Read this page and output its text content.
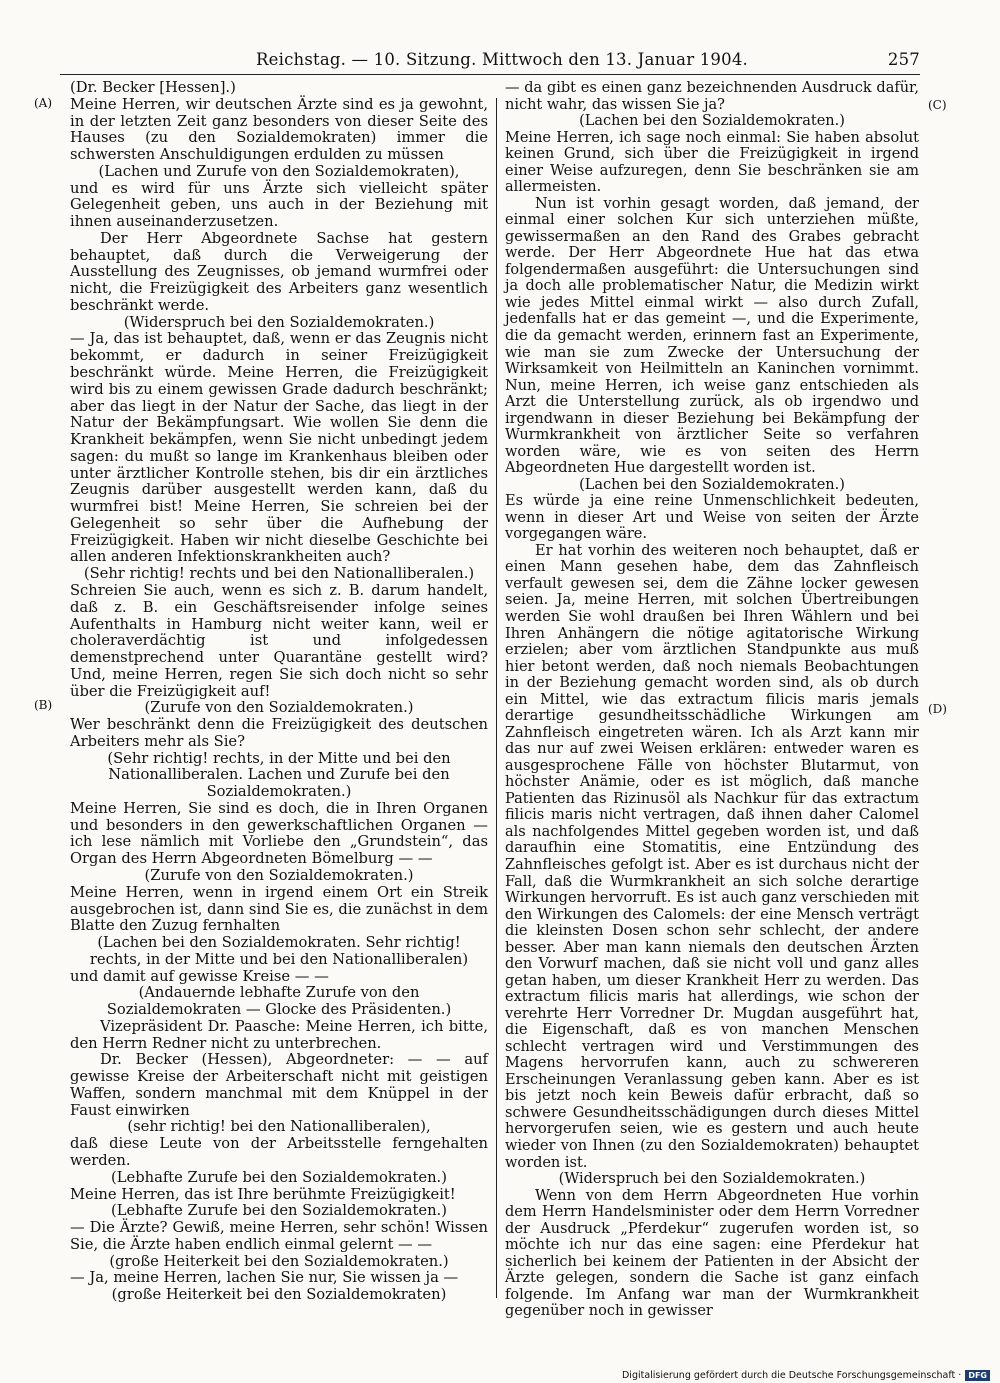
Reichstag. — 10. Sitzung. Mittwoch den 13. Januar 1904.	257
(A)
(B)
(C)
(D)

(Dr. Becker [Hessen].)

Meine Herren, wir deutschen Ärzte sind es ja gewohnt, in der letzten Zeit ganz besonders von dieser Seite des Hauses (zu den Sozialdemokraten) immer die schwersten Anschuldigungen erdulden zu müssen

(Lachen und Zurufe von den Sozialdemokraten),

und es wird für uns Ärzte sich vielleicht später Gelegenheit geben, uns auch in der Beziehung mit ihnen auseinanderzusetzen.

Der Herr Abgeordnete Sachse hat gestern behauptet, daß durch die Verweigerung der Ausstellung des Zeugnisses, ob jemand wurmfrei oder nicht, die Freizügigkeit des Arbeiters ganz wesentlich beschränkt werde.

(Widerspruch bei den Sozialdemokraten.)

— Ja, das ist behauptet, daß, wenn er das Zeugnis nicht bekommt, er dadurch in seiner Freizügigkeit beschränkt würde. Meine Herren, die Freizügigkeit wird bis zu einem gewissen Grade dadurch beschränkt; aber das liegt in der Natur der Sache, das liegt in der Natur der Bekämpfungsart. Wie wollen Sie denn die Krankheit bekämpfen, wenn Sie nicht unbedingt jedem sagen: du mußt so lange im Krankenhaus bleiben oder unter ärztlicher Kontrolle stehen, bis dir ein ärztliches Zeugnis darüber ausgestellt werden kann, daß du wurmfrei bist! Meine Herren, Sie schreien bei der Gelegenheit so sehr über die Aufhebung der Freizügigkeit. Haben wir nicht dieselbe Geschichte bei allen anderen Infektionskrankheiten auch?

(Sehr richtig! rechts und bei den Nationalliberalen.)

Schreien Sie auch, wenn es sich z. B. darum handelt, daß z. B. ein Geschäftsreisender infolge seines Aufenthalts in Hamburg nicht weiter kann, weil er choleraverdächtig ist und infolgedessen demenstprechend unter Quarantäne gestellt wird? Und, meine Herren, regen Sie sich doch nicht so sehr über die Freizügigkeit auf!

(Zurufe von den Sozialdemokraten.)

Wer beschränkt denn die Freizügigkeit des deutschen Arbeiters mehr als Sie?

(Sehr richtig! rechts, in der Mitte und bei den Nationalliberalen. Lachen und Zurufe bei den Sozialdemokraten.)

Meine Herren, Sie sind es doch, die in Ihren Organen und besonders in den gewerkschaftlichen Organen — ich lese nämlich mit Vorliebe den „Grundstein“, das Organ des Herrn Abgeordneten Bömelburg — —

(Zurufe von den Sozialdemokraten.)

Meine Herren, wenn in irgend einem Ort ein Streik ausgebrochen ist, dann sind Sie es, die zunächst in dem Blatte den Zuzug fernhalten

(Lachen bei den Sozialdemokraten. Sehr richtig! rechts, in der Mitte und bei den Nationalliberalen)

und damit auf gewisse Kreise — —

(Andauernde lebhafte Zurufe von den Sozialdemokraten — Glocke des Präsidenten.)

Vizepräsident Dr. Paasche: Meine Herren, ich bitte, den Herrn Redner nicht zu unterbrechen.

Dr. Becker (Hessen), Abgeordneter: — — auf gewisse Kreise der Arbeiterschaft nicht mit geistigen Waffen, sondern manchmal mit dem Knüppel in der Faust einwirken

(sehr richtig! bei den Nationalliberalen),

daß diese Leute von der Arbeitsstelle ferngehalten werden.

(Lebhafte Zurufe bei den Sozialdemokraten.)

Meine Herren, das ist Ihre berühmte Freizügigkeit!

(Lebhafte Zurufe bei den Sozialdemokraten.)

— Die Ärzte? Gewiß, meine Herren, sehr schön! Wissen Sie, die Ärzte haben endlich einmal gelernt — —

(große Heiterkeit bei den Sozialdemokraten.)

— Ja, meine Herren, lachen Sie nur, Sie wissen ja —

(große Heiterkeit bei den Sozialdemokraten)

— da gibt es einen ganz bezeichnenden Ausdruck dafür, nicht wahr, das wissen Sie ja?

(Lachen bei den Sozialdemokraten.)

Meine Herren, ich sage noch einmal: Sie haben absolut keinen Grund, sich über die Freizügigkeit in irgend einer Weise aufzuregen, denn Sie beschränken sie am allermeisten.

Nun ist vorhin gesagt worden, daß jemand, der einmal einer solchen Kur sich unterziehen müßte, gewissermaßen an den Rand des Grabes gebracht werde. Der Herr Abgeordnete Hue hat das etwa folgendermaßen ausgeführt: die Untersuchungen sind ja doch alle problematischer Natur, die Medizin wirkt wie jedes Mittel einmal wirkt — also durch Zufall, jedenfalls hat er das gemeint —, und die Experimente, die da gemacht werden, erinnern fast an Experimente, wie man sie zum Zwecke der Untersuchung der Wirksamkeit von Heilmitteln an Kaninchen vornimmt. Nun, meine Herren, ich weise ganz entschieden als Arzt die Unterstellung zurück, als ob irgendwo und irgendwann in dieser Beziehung bei Bekämpfung der Wurmkrankheit von ärztlicher Seite so verfahren worden wäre, wie es von seiten des Herrn Abgeordneten Hue dargestellt worden ist.

(Lachen bei den Sozialdemokraten.)

Es würde ja eine reine Unmenschlichkeit bedeuten, wenn in dieser Art und Weise von seiten der Ärzte vorgegangen wäre.

Er hat vorhin des weiteren noch behauptet, daß er einen Mann gesehen habe, dem das Zahnfleisch verfault gewesen sei, dem die Zähne locker gewesen seien. Ja, meine Herren, mit solchen Übertreibungen werden Sie wohl draußen bei Ihren Wählern und bei Ihren Anhängern die nötige agitatorische Wirkung erzielen; aber vom ärztlichen Standpunkte aus muß hier betont werden, daß noch niemals Beobachtungen in der Beziehung gemacht worden sind, als ob durch ein Mittel, wie das extractum filicis maris jemals derartige gesundheitsschädliche Wirkungen am Zahnfleisch eingetreten wären. Ich als Arzt kann mir das nur auf zwei Weisen erklären: entweder waren es ausgesprochene Fälle von höchster Blutarmut, von höchster Anämie, oder es ist möglich, daß manche Patienten das Rizinusöl als Nachkur für das extractum filicis maris nicht vertragen, daß ihnen daher Calomel als nachfolgendes Mittel gegeben worden ist, und daß daraufhin eine Stomatitis, eine Entzündung des Zahnfleisches gefolgt ist. Aber es ist durchaus nicht der Fall, daß die Wurmkrankheit an sich solche derartige Wirkungen hervorruft. Es ist auch ganz verschieden mit den Wirkungen des Calomels: der eine Mensch verträgt die kleinsten Dosen schon sehr schlecht, der andere besser. Aber man kann niemals den deutschen Ärzten den Vorwurf machen, daß sie nicht voll und ganz alles getan haben, um dieser Krankheit Herr zu werden. Das extractum filicis maris hat allerdings, wie schon der verehrte Herr Vorredner Dr. Mugdan ausgeführt hat, die Eigenschaft, daß es von manchen Menschen schlecht vertragen wird und Verstimmungen des Magens hervorrufen kann, auch zu schwereren Erscheinungen Veranlassung geben kann. Aber es ist bis jetzt noch kein Beweis dafür erbracht, daß so schwere Gesundheitsschädigungen durch dieses Mittel hervorgerufen seien, wie es gestern und auch heute wieder von Ihnen (zu den Sozialdemokraten) behauptet worden ist.

(Widerspruch bei den Sozialdemokraten.)

Wenn von dem Herrn Abgeordneten Hue vorhin dem Herrn Handelsminister oder dem Herrn Vorredner der Ausdruck „Pferdekur“ zugerufen worden ist, so möchte ich nur das eine sagen: eine Pferdekur hat sicherlich bei keinem der Patienten in der Absicht der Ärzte gelegen, sondern die Sache ist ganz einfach folgende. Im Anfang war man der Wurmkrankheit gegenüber noch in gewisser

Digitalisierung gefördert durch die Deutsche Forschungsgemeinschaft · DFG
